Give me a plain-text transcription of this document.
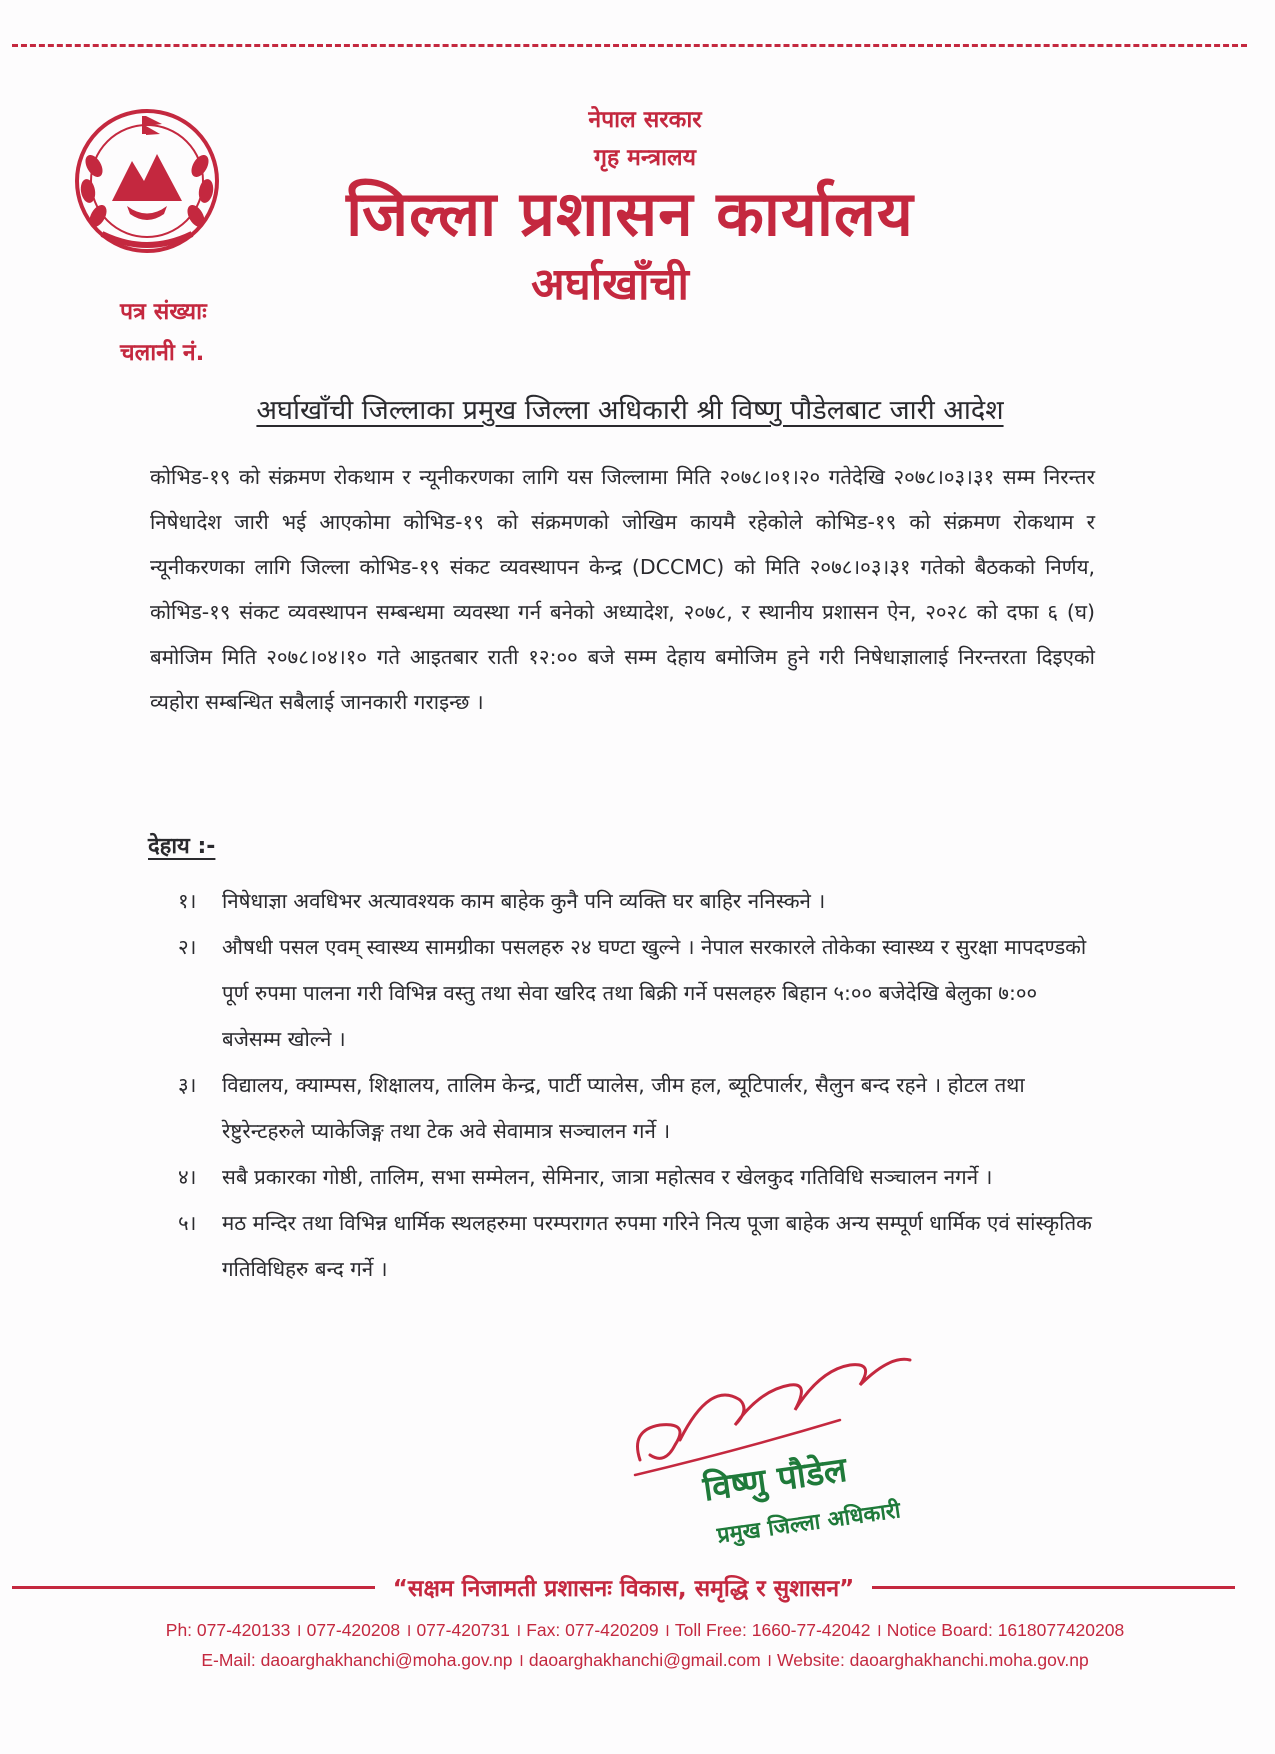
नेपाल सरकार
गृह मन्त्रालय
जिल्ला प्रशासन कार्यालय
अर्घाखाँची
पत्र संख्याः
चलानी नं.
अर्घाखाँची जिल्लाका प्रमुख जिल्ला अधिकारी श्री विष्णु पौडेलबाट जारी आदेश
कोभिड-१९ को संक्रमण रोकथाम र न्यूनीकरणका लागि यस जिल्लामा मिति २०७८।०१।२० गतेदेखि २०७८।०३।३१ सम्म निरन्तर निषेधादेश जारी भई आएकोमा कोभिड-१९ को संक्रमणको जोखिम कायमै रहेकोले कोभिड-१९ को संक्रमण रोकथाम र न्यूनीकरणका लागि जिल्ला कोभिड-१९ संकट व्यवस्थापन केन्द्र (DCCMC) को मिति २०७८।०३।३१ गतेको बैठकको निर्णय, कोभिड-१९ संकट व्यवस्थापन सम्बन्धमा व्यवस्था गर्न बनेको अध्यादेश, २०७८, र स्थानीय प्रशासन ऐन, २०२८ को दफा ६ (घ) बमोजिम मिति २०७८।०४।१० गते आइतबार राती १२:०० बजे सम्म देहाय बमोजिम हुने गरी निषेधाज्ञालाई निरन्तरता दिइएको व्यहोरा सम्बन्धित सबैलाई जानकारी गराइन्छ ।
देहाय :-
१।	निषेधाज्ञा अवधिभर अत्यावश्यक काम बाहेक कुनै पनि व्यक्ति घर बाहिर ननिस्कने ।
२।	औषधी पसल एवम् स्वास्थ्य सामग्रीका पसलहरु २४ घण्टा खुल्ने । नेपाल सरकारले तोकेका स्वास्थ्य र सुरक्षा मापदण्डको पूर्ण रुपमा पालना गरी विभिन्न वस्तु तथा सेवा खरिद तथा बिक्री गर्ने पसलहरु बिहान ५:०० बजेदेखि बेलुका ७:०० बजेसम्म खोल्ने ।
३।	विद्यालय, क्याम्पस, शिक्षालय, तालिम केन्द्र, पार्टी प्यालेस, जीम हल, ब्यूटिपार्लर, सैलुन बन्द रहने । होटल तथा रेष्टुरेन्टहरुले प्याकेजिङ्ग तथा टेक अवे सेवामात्र सञ्चालन गर्ने ।
४।	सबै प्रकारका गोष्ठी, तालिम, सभा सम्मेलन, सेमिनार, जात्रा महोत्सव र खेलकुद गतिविधि सञ्चालन नगर्ने ।
५।	मठ मन्दिर तथा विभिन्न धार्मिक स्थलहरुमा परम्परागत रुपमा गरिने नित्य पूजा बाहेक अन्य सम्पूर्ण धार्मिक एवं सांस्कृतिक गतिविधिहरु बन्द गर्ने ।
विष्णु पौडेल
प्रमुख जिल्ला अधिकारी
“सक्षम निजामती प्रशासनः विकास, समृद्धि र सुशासन”
Ph: 077-420133 । 077-420208 । 077-420731 । Fax: 077-420209 । Toll Free: 1660-77-42042 । Notice Board: 1618077420208
E-Mail: daoarghakhanchi@moha.gov.np । daoarghakhanchi@gmail.com । Website: daoarghakhanchi.moha.gov.np
